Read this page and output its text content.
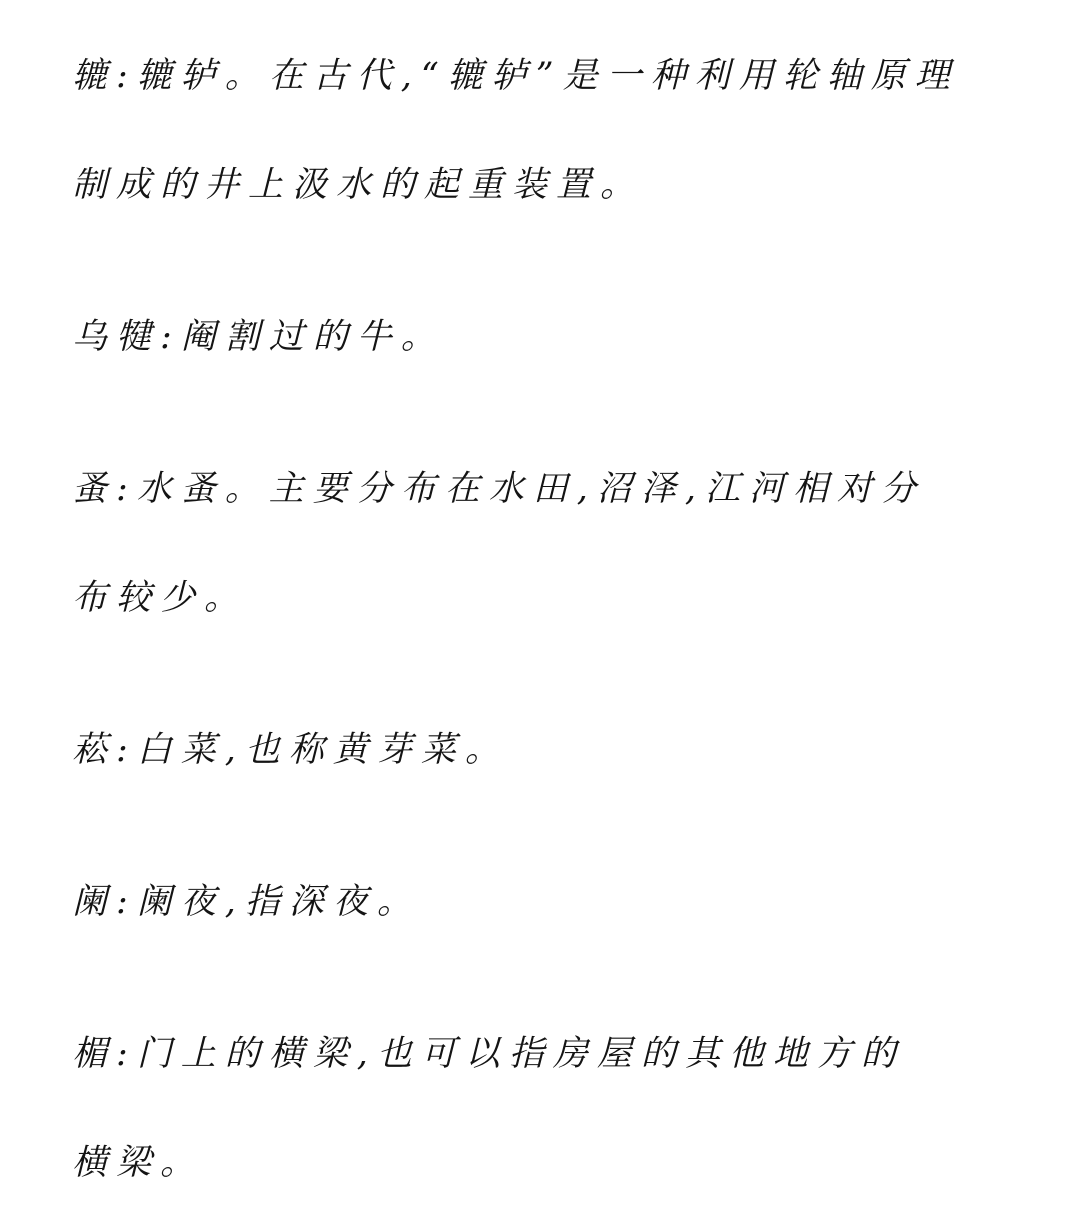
辘:辘轳。在古代,“辘轳”是一种利用轮轴原理
制成的井上汲水的起重装置。
乌犍:阉割过的牛。
蚤:水蚤。主要分布在水田,沼泽,江河相对分
布较少。
菘:白菜,也称黄芽菜。
阑:阑夜,指深夜。
楣:门上的横梁,也可以指房屋的其他地方的
横梁。
